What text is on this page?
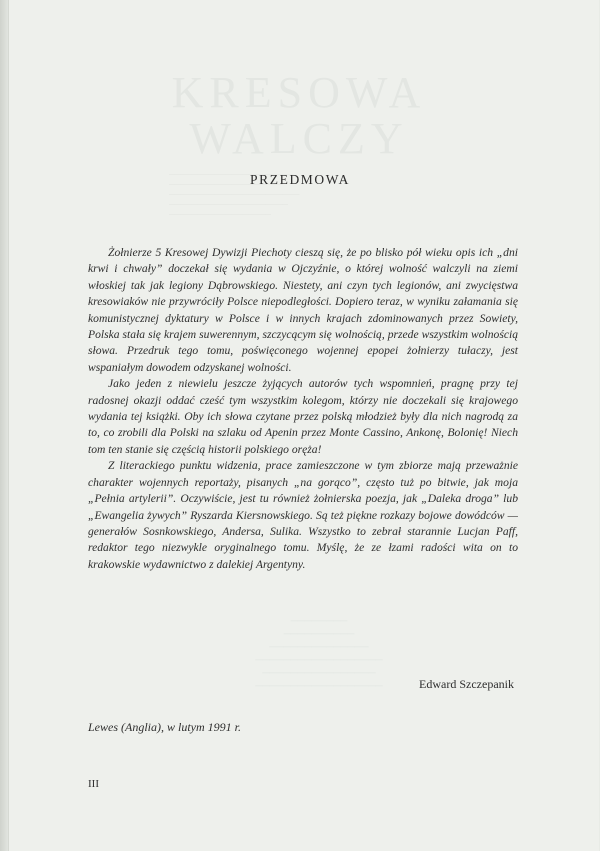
KRESOWA
WALCZY
──────────────────────
────────────────────
───────────────────────
─────────────────────
──────────────────
────────
──────────
──────────────
──────────────────
────────────────
──────────────────
PRZEDMOWA

Żołnierze 5 Kresowej Dywizji Piechoty cieszą się, że po blisko pół wieku opis ich „dni krwi i chwały” doczekał się wydania w Ojczyźnie, o której wolność walczyli na ziemi włoskiej tak jak legiony Dąbrowskiego. Niestety, ani czyn tych legionów, ani zwycięstwa kresowiaków nie przywróciły Polsce niepodległości. Dopiero teraz, w wyniku załamania się komunistycznej dyktatury w Polsce i w innych krajach zdominowanych przez Sowiety, Polska stała się krajem suwerennym, szczycącym się wolnością, przede wszystkim wolnością słowa. Przedruk tego tomu, poświęconego wojennej epopei żołnierzy tułaczy, jest wspaniałym dowodem odzyskanej wolności.

Jako jeden z niewielu jeszcze żyjących autorów tych wspomnień, pragnę przy tej radosnej okazji oddać cześć tym wszystkim kolegom, którzy nie doczekali się krajowego wydania tej książki. Oby ich słowa czytane przez polską młodzież były dla nich nagrodą za to, co zrobili dla Polski na szlaku od Apenin przez Monte Cassino, Ankonę, Bolonię! Niech tom ten stanie się częścią historii polskiego oręża!

Z literackiego punktu widzenia, prace zamieszczone w tym zbiorze mają przeważnie charakter wojennych reportaży, pisanych „na gorąco”, często tuż po bitwie, jak moja „Pełnia artylerii”. Oczywiście, jest tu również żołnierska poezja, jak „Daleka droga” lub „Ewangelia żywych” Ryszarda Kiersnowskiego. Są też piękne rozkazy bojowe dowódców — generałów Sosnkowskiego, Andersa, Sulika. Wszystko to zebrał starannie Lucjan Paff, redaktor tego niezwykle oryginalnego tomu. Myślę, że ze łzami radości wita on to krakowskie wydawnictwo z dalekiej Argentyny.

Edward Szczepanik
Lewes (Anglia), w lutym 1991 r.
III
